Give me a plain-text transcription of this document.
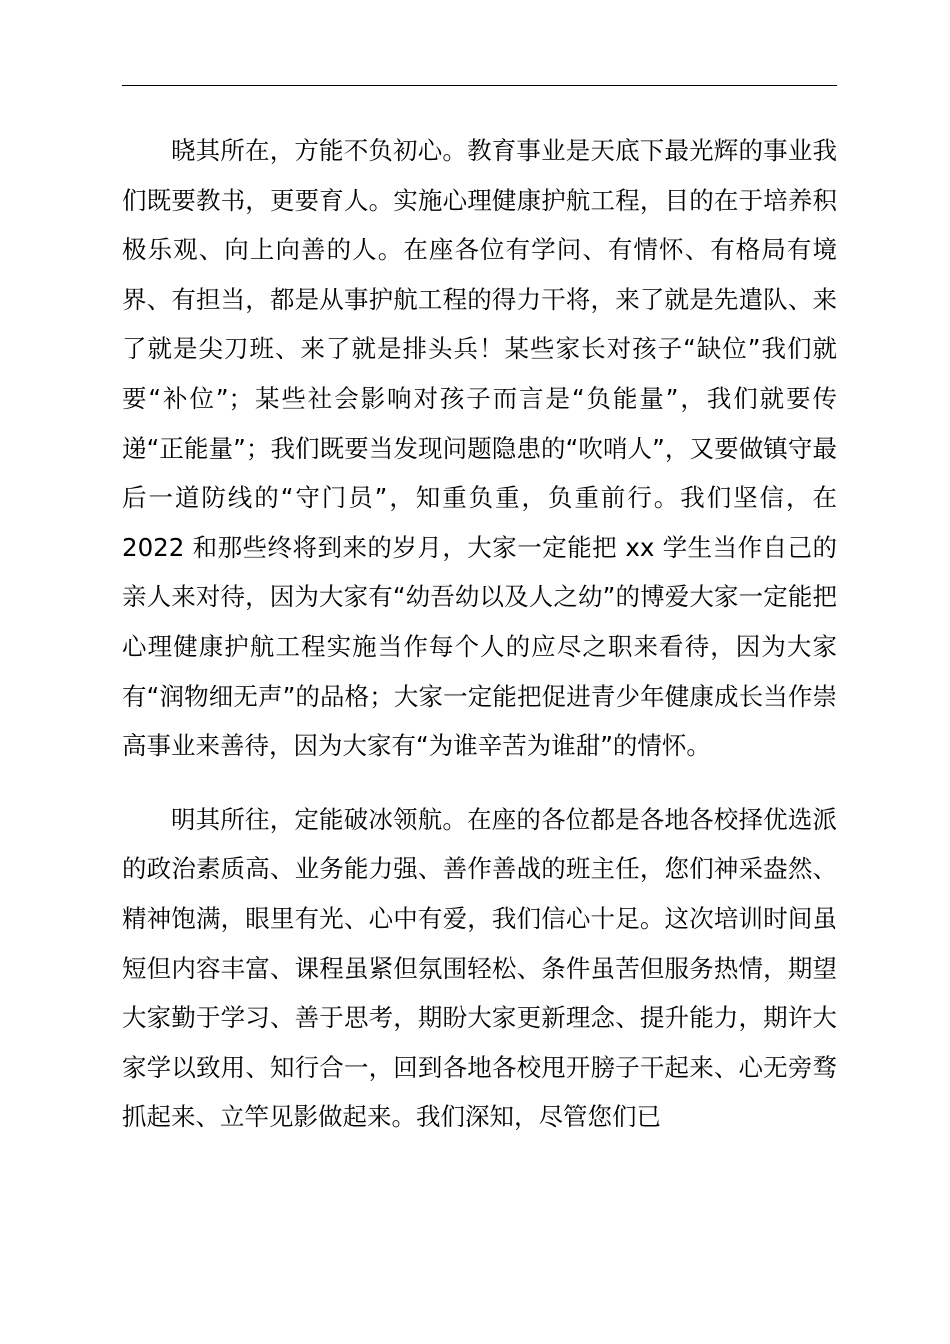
晓其所在，方能不负初心。教育事业是天底下最光辉的事业我们既要教书，更要育人。实施心理健康护航工程，目的在于培养积极乐观、向上向善的人。在座各位有学问、有情怀、有格局有境界、有担当，都是从事护航工程的得力干将，来了就是先遣队、来了就是尖刀班、来了就是排头兵！某些家长对孩子“缺位”我们就要“补位”；某些社会影响对孩子而言是“负能量”，我们就要传递“正能量”；我们既要当发现问题隐患的“吹哨人”，又要做镇守最后一道防线的“守门员”，知重负重，负重前行。我们坚信，在 2022 和那些终将到来的岁月，大家一定能把 xx 学生当作自己的亲人来对待，因为大家有“幼吾幼以及人之幼”的博爱大家一定能把心理健康护航工程实施当作每个人的应尽之职来看待，因为大家有“润物细无声”的品格；大家一定能把促进青少年健康成长当作崇高事业来善待，因为大家有“为谁辛苦为谁甜”的情怀。

明其所往，定能破冰领航。在座的各位都是各地各校择优选派的政治素质高、业务能力强、善作善战的班主任，您们神采盎然、精神饱满，眼里有光、心中有爱，我们信心十足。这次培训时间虽短但内容丰富、课程虽紧但氛围轻松、条件虽苦但服务热情，期望大家勤于学习、善于思考，期盼大家更新理念、提升能力，期许大家学以致用、知行合一，回到各地各校甩开膀子干起来、心无旁骛抓起来、立竿见影做起来。我们深知，尽管您们已
